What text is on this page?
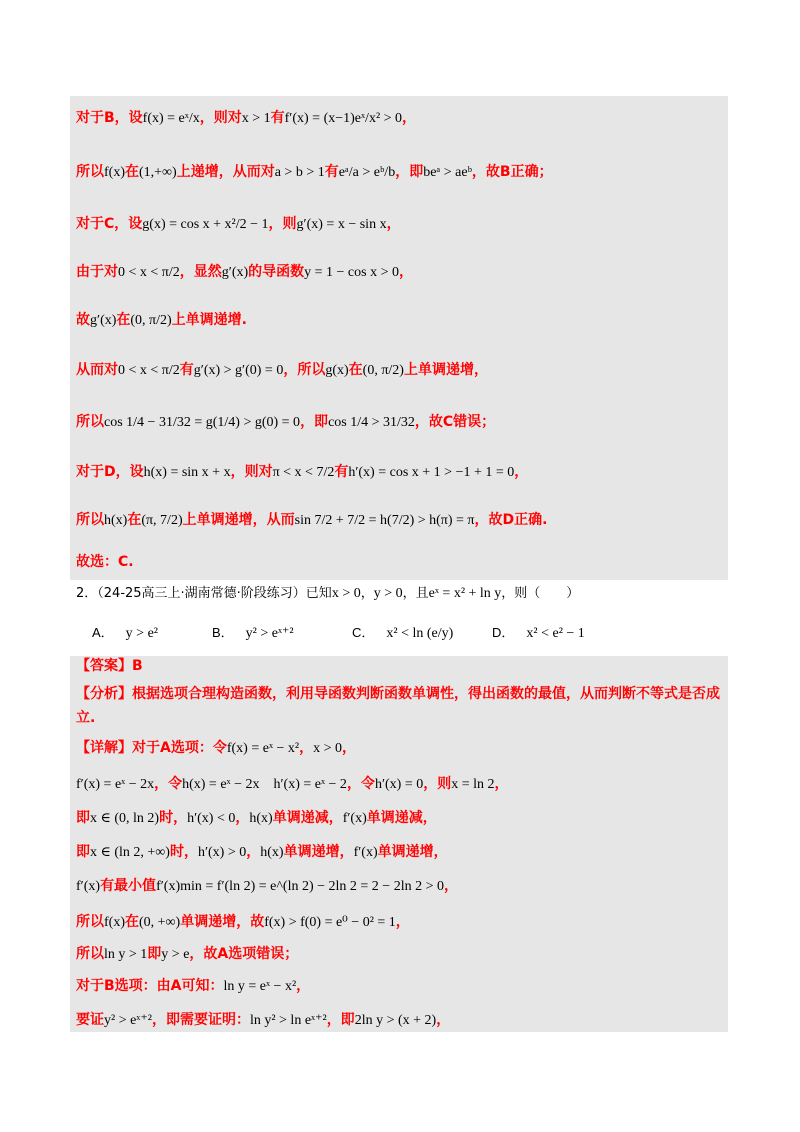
对于B，设f(x) = eˣ/x，则对x > 1有f′(x) = (x−1)eˣ/x² > 0，
所以f(x)在(1,+∞)上递增，从而对a > b > 1有eᵃ/a > eᵇ/b，即beᵃ > aeᵇ，故B正确；
对于C，设g(x) = cos x + x²/2 − 1，则g′(x) = x − sin x，
由于对0 < x < π/2，显然g′(x)的导函数y = 1 − cos x > 0，
故g′(x)在(0, π/2)上单调递增.
从而对0 < x < π/2有g′(x) > g′(0) = 0，所以g(x)在(0, π/2)上单调递增，
所以cos 1/4 − 31/32 = g(1/4) > g(0) = 0，即cos 1/4 > 31/32，故C错误；
对于D，设h(x) = sin x + x，则对π < x < 7/2有h′(x) = cos x + 1 > −1 + 1 = 0，
所以h(x)在(π, 7/2)上单调递增，从而sin 7/2 + 7/2 = h(7/2) > h(π) = π，故D正确.
故选：C.
2．（24-25高三上·湖南常德·阶段练习）已知x > 0，y > 0，且eˣ = x² + ln y，则（　　）
A． y > e²	B． y² > eˣ⁺²	C． x² < ln (e/y)	D． x² < e² − 1
【答案】B
【分析】根据选项合理构造函数，利用导函数判断函数单调性，得出函数的最值，从而判断不等式是否成
立.
【详解】对于A选项：令f(x) = eˣ − x²，x > 0，
f′(x) = eˣ − 2x，令h(x) = eˣ − 2x　h′(x) = eˣ − 2，令h′(x) = 0，则x = ln 2，
即x ∈ (0, ln 2)时，h′(x) < 0，h(x)单调递减，f′(x)单调递减，
即x ∈ (ln 2, +∞)时，h′(x) > 0，h(x)单调递增，f′(x)单调递增，
f′(x)有最小值f′(x)min = f′(ln 2) = e^(ln 2) − 2ln 2 = 2 − 2ln 2 > 0，
所以f(x)在(0, +∞)单调递增，故f(x) > f(0) = e⁰ − 0² = 1，
所以ln y > 1即y > e，故A选项错误；
对于B选项：由A可知：ln y = eˣ − x²，
要证y² > eˣ⁺²，即需要证明：ln y² > ln eˣ⁺²，即2ln y > (x + 2)，
